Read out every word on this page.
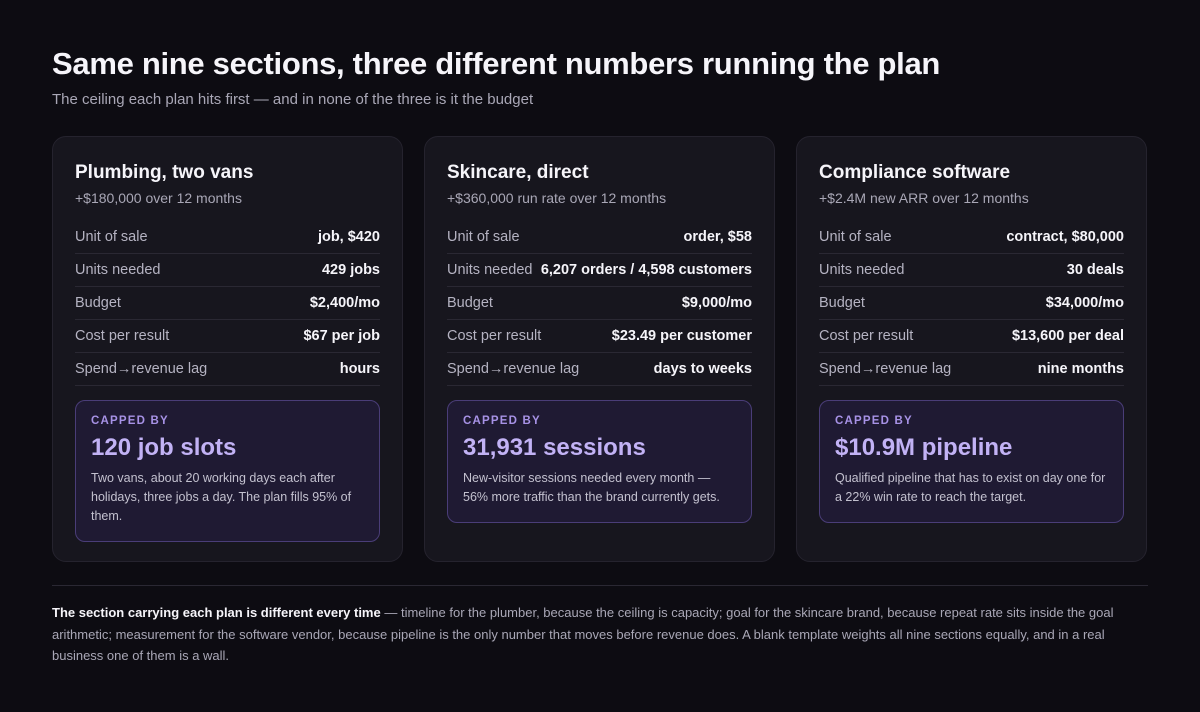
Same nine sections, three different numbers running the plan
The ceiling each plan hits first — and in none of the three is it the budget
Plumbing, two vans
+$180,000 over 12 months
Unit of sale	job, $420
Units needed	429 jobs
Budget	$2,400/mo
Cost per result	$67 per job
Spend→revenue lag	hours
CAPPED BY
120 job slots
Two vans, about 20 working days each after holidays, three jobs a day. The plan fills 95% of them.
Skincare, direct
+$360,000 run rate over 12 months
Unit of sale	order, $58
Units needed 6,207 orders / 4,598 customers
Budget	$9,000/mo
Cost per result	$23.49 per customer
Spend→revenue lag	days to weeks
CAPPED BY
31,931 sessions
New-visitor sessions needed every month — 56% more traffic than the brand currently gets.
Compliance software
+$2.4M new ARR over 12 months
Unit of sale	contract, $80,000
Units needed	30 deals
Budget	$34,000/mo
Cost per result	$13,600 per deal
Spend→revenue lag	nine months
CAPPED BY
$10.9M pipeline
Qualified pipeline that has to exist on day one for a 22% win rate to reach the target.
The section carrying each plan is different every time — timeline for the plumber, because the ceiling is capacity; goal for the skincare brand, because repeat rate sits inside the goal arithmetic; measurement for the software vendor, because pipeline is the only number that moves before revenue does. A blank template weights all nine sections equally, and in a real business one of them is a wall.
